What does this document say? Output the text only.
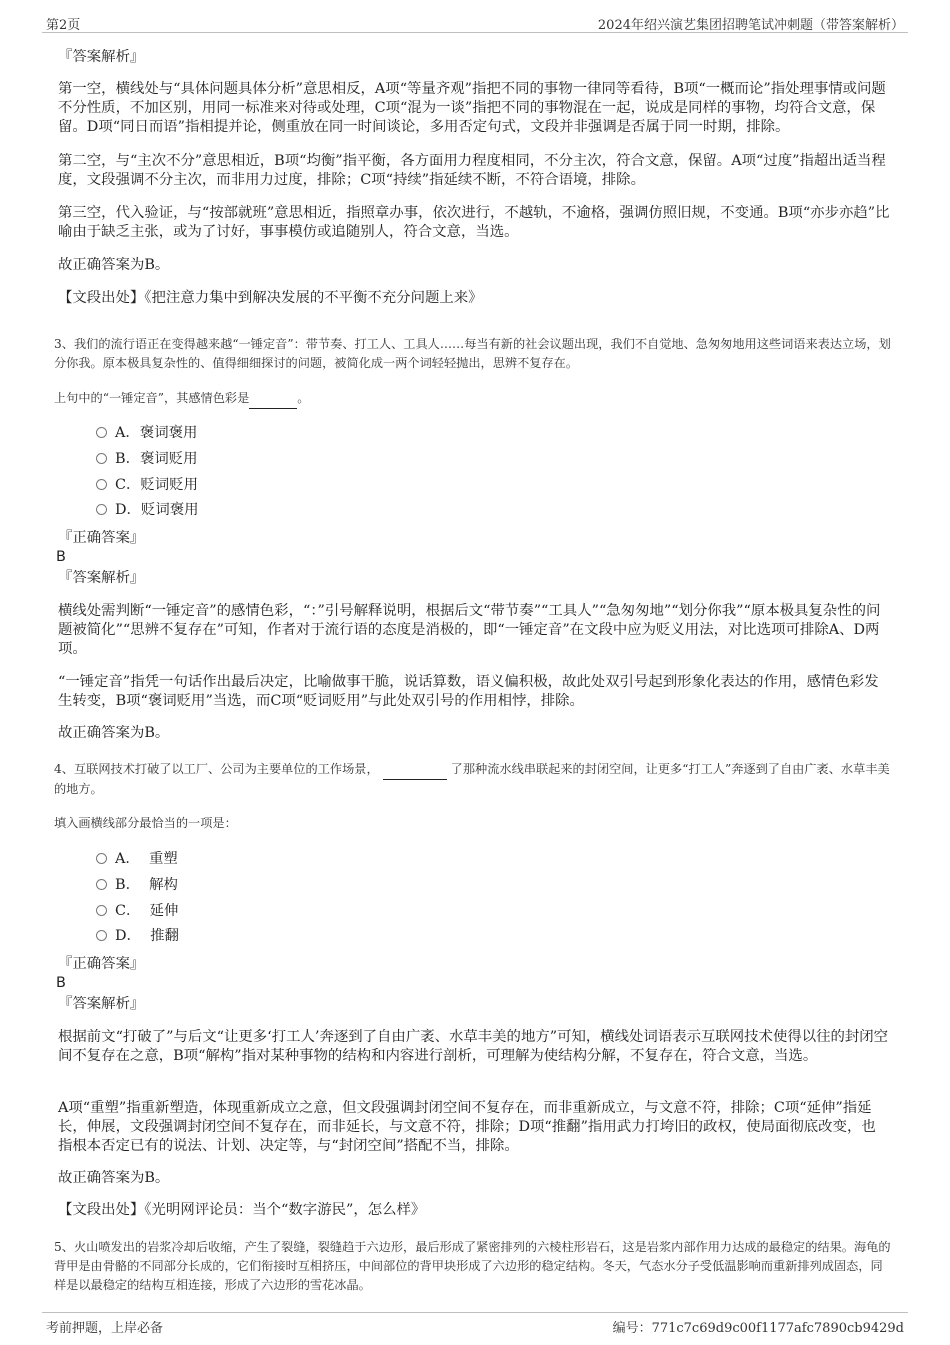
第2页	2024年绍兴演艺集团招聘笔试冲刺题（带答案解析）

『答案解析』

第一空，横线处与“具体问题具体分析”意思相反，A项“等量齐观”指把不同的事物一律同等看待，B项“一概而论”指处理事情或问题不分性质，不加区别，用同一标准来对待或处理，C项“混为一谈”指把不同的事物混在一起，说成是同样的事物，均符合文意，保留。D项“同日而语”指相提并论，侧重放在同一时间谈论，多用否定句式，文段并非强调是否属于同一时期，排除。

第二空，与“主次不分”意思相近，B项“均衡”指平衡，各方面用力程度相同，不分主次，符合文意，保留。A项“过度”指超出适当程度，文段强调不分主次，而非用力过度，排除；C项“持续”指延续不断，不符合语境，排除。

第三空，代入验证，与“按部就班”意思相近，指照章办事，依次进行，不越轨，不逾格，强调仿照旧规，不变通。B项“亦步亦趋”比喻由于缺乏主张，或为了讨好，事事模仿或追随别人，符合文意，当选。

故正确答案为B。

【文段出处】《把注意力集中到解决发展的不平衡不充分问题上来》

3、我们的流行语正在变得越来越“一锤定音”：带节奏、打工人、工具人……每当有新的社会议题出现，我们不自觉地、急匆匆地用这些词语来表达立场，划分你我。原本极具复杂性的、值得细细探讨的问题，被简化成一两个词轻轻抛出，思辨不复存在。

上句中的“一锤定音”，其感情色彩是	。

A．褒词褒用
B．褒词贬用
C．贬词贬用
D．贬词褒用

『正确答案』

B

『答案解析』

横线处需判断“一锤定音”的感情色彩，“：”引号解释说明，根据后文“带节奏”“工具人”“急匆匆地”“划分你我”“原本极具复杂性的问题被简化”“思辨不复存在”可知，作者对于流行语的态度是消极的，即“一锤定音”在文段中应为贬义用法，对比选项可排除A、D两项。

“一锤定音”指凭一句话作出最后决定，比喻做事干脆，说话算数，语义偏积极，故此处双引号起到形象化表达的作用，感情色彩发生转变，B项“褒词贬用”当选，而C项“贬词贬用”与此处双引号的作用相悖，排除。

故正确答案为B。

4、互联网技术打破了以工厂、公司为主要单位的工作场景，	了那种流水线串联起来的封闭空间，让更多“打工人”奔逐到了自由广袤、水草丰美的地方。

填入画横线部分最恰当的一项是：

A． 重塑
B． 解构
C． 延伸
D． 推翻

『正确答案』

B

『答案解析』

根据前文“打破了”与后文“让更多‘打工人’奔逐到了自由广袤、水草丰美的地方”可知，横线处词语表示互联网技术使得以往的封闭空间不复存在之意，B项“解构”指对某种事物的结构和内容进行剖析，可理解为使结构分解，不复存在，符合文意，当选。

A项“重塑”指重新塑造，体现重新成立之意，但文段强调封闭空间不复存在，而非重新成立，与文意不符，排除；C项“延伸”指延长，伸展，文段强调封闭空间不复存在，而非延长，与文意不符，排除；D项“推翻”指用武力打垮旧的政权，使局面彻底改变，也指根本否定已有的说法、计划、决定等，与“封闭空间”搭配不当，排除。

故正确答案为B。

【文段出处】《光明网评论员：当个“数字游民”，怎么样》

5、火山喷发出的岩浆冷却后收缩，产生了裂缝，裂缝趋于六边形，最后形成了紧密排列的六棱柱形岩石，这是岩浆内部作用力达成的最稳定的结果。海龟的背甲是由骨骼的不同部分长成的，它们衔接时互相挤压，中间部位的背甲块形成了六边形的稳定结构。冬天，气态水分子受低温影响而重新排列成固态，同样是以最稳定的结构互相连接，形成了六边形的雪花冰晶。

考前押题，上岸必备	编号：771c7c69d9c00f1177afc7890cb9429d
